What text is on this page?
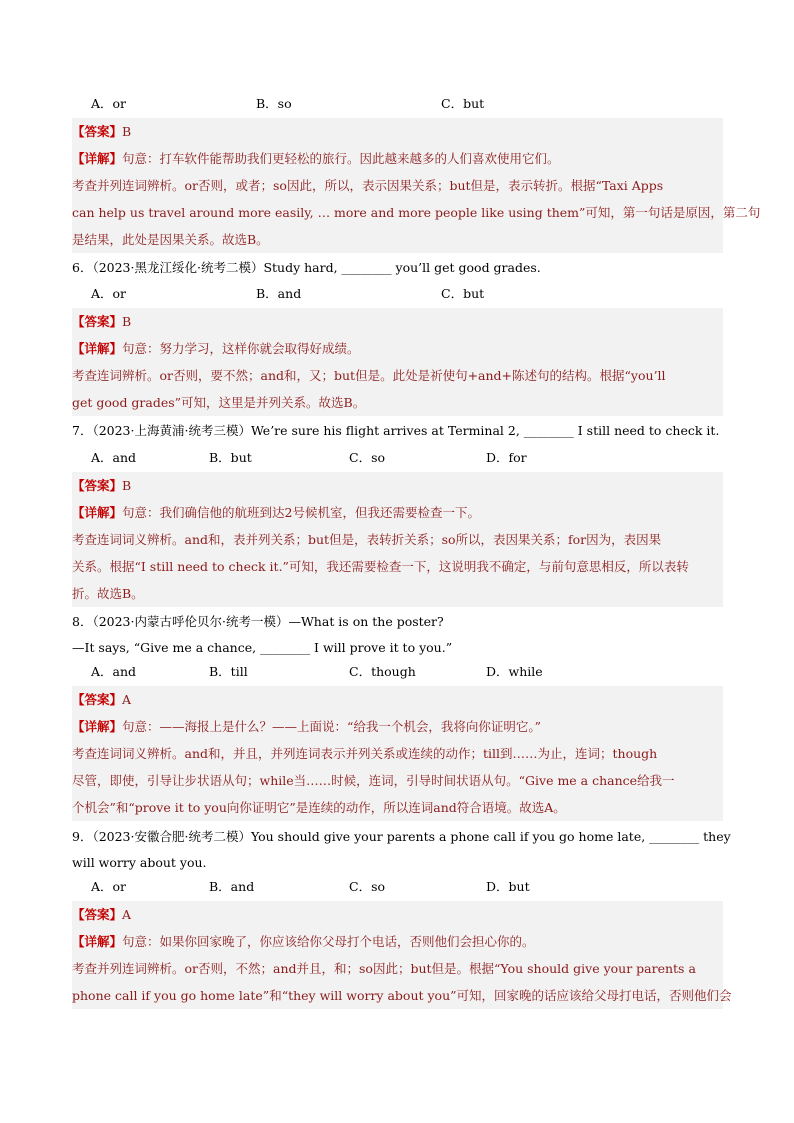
A．or	B．so	C．but
【答案】B
【详解】句意：打车软件能帮助我们更轻松的旅行。因此越来越多的人们喜欢使用它们。
考查并列连词辨析。or否则，或者；so因此，所以，表示因果关系；but但是，表示转折。根据“Taxi Apps
can help us travel around more easily, … more and more people like using them”可知，第一句话是原因，第二句
是结果，此处是因果关系。故选B。
6．（2023·黑龙江绥化·统考二模）Study hard, ________ you’ll get good grades.
A．or	B．and	C．but
【答案】B
【详解】句意：努力学习，这样你就会取得好成绩。
考查连词辨析。or否则，要不然；and和，又；but但是。此处是祈使句+and+陈述句的结构。根据“you’ll
get good grades”可知，这里是并列关系。故选B。
7．（2023·上海黄浦·统考三模）We’re sure his flight arrives at Terminal 2, ________ I still need to check it.
A．and	B．but	C．so	D．for
【答案】B
【详解】句意：我们确信他的航班到达2号候机室，但我还需要检查一下。
考查连词词义辨析。and和，表并列关系；but但是，表转折关系；so所以，表因果关系；for因为，表因果
关系。根据“I still need to check it.”可知，我还需要检查一下，这说明我不确定，与前句意思相反，所以表转
折。故选B。
8．（2023·内蒙古呼伦贝尔·统考一模）—What is on the poster?
—It says, “Give me a chance, ________ I will prove it to you.”
A．and	B．till	C．though	D．while
【答案】A
【详解】句意：——海报上是什么？——上面说：“给我一个机会，我将向你证明它。”
考查连词词义辨析。and和，并且，并列连词表示并列关系或连续的动作；till到……为止，连词；though
尽管，即使，引导让步状语从句；while当……时候，连词，引导时间状语从句。“Give me a chance给我一
个机会”和“prove it to you向你证明它”是连续的动作，所以连词and符合语境。故选A。
9．（2023·安徽合肥·统考二模）You should give your parents a phone call if you go home late, ________ they
will worry about you.
A．or	B．and	C．so	D．but
【答案】A
【详解】句意：如果你回家晚了，你应该给你父母打个电话，否则他们会担心你的。
考查并列连词辨析。or否则，不然；and并且，和；so因此；but但是。根据“You should give your parents a
phone call if you go home late”和“they will worry about you”可知，回家晚的话应该给父母打电话，否则他们会
